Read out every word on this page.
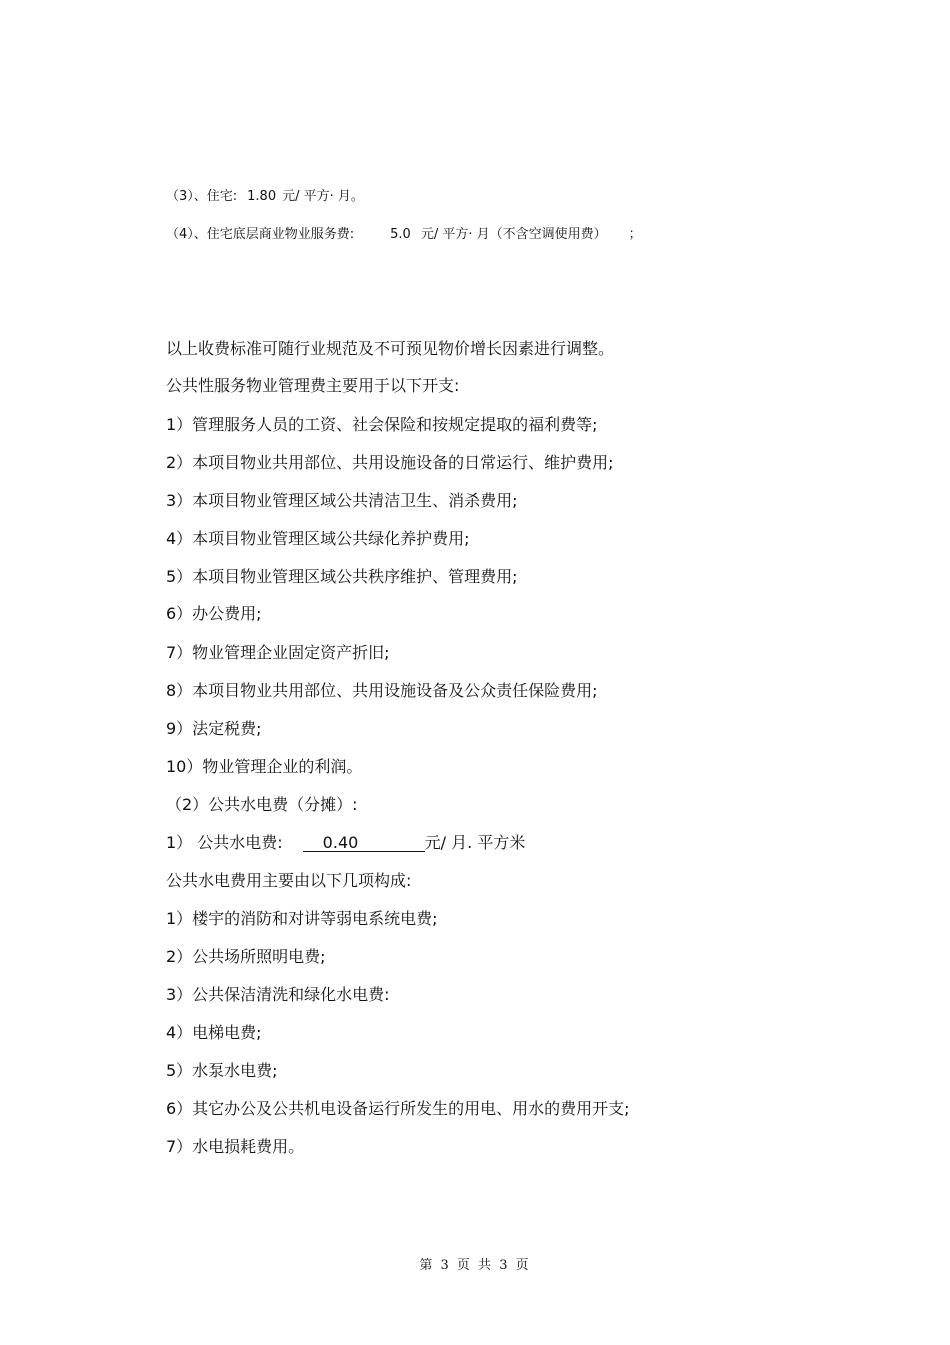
（3）、住宅: 1.80 元/ 平方· 月。
（4）、住宅底层商业物业服务费:	5.0 元/ 平方· 月（不含空调使用费） ；
以上收费标准可随行业规范及不可预见物价增长因素进行调整。
公共性服务物业管理费主要用于以下开支:
1）管理服务人员的工资、社会保险和按规定提取的福利费等;
2）本项目物业共用部位、共用设施设备的日常运行、维护费用;
3）本项目物业管理区域公共清洁卫生、消杀费用;
4）本项目物业管理区域公共绿化养护费用;
5）本项目物业管理区域公共秩序维护、管理费用;
6）办公费用;
7）物业管理企业固定资产折旧;
8）本项目物业共用部位、共用设施设备及公众责任保险费用;
9）法定税费;
10）物业管理企业的利润。
（2）公共水电费（分摊）:
1） 公共水电费:	0.40	元/ 月. 平方米
公共水电费用主要由以下几项构成:
1）楼宇的消防和对讲等弱电系统电费;
2）公共场所照明电费;
3）公共保洁清洗和绿化水电费:
4）电梯电费;
5）水泵水电费;
6）其它办公及公共机电设备运行所发生的用电、用水的费用开支;
7）水电损耗费用。
第 3 页 共 3 页
